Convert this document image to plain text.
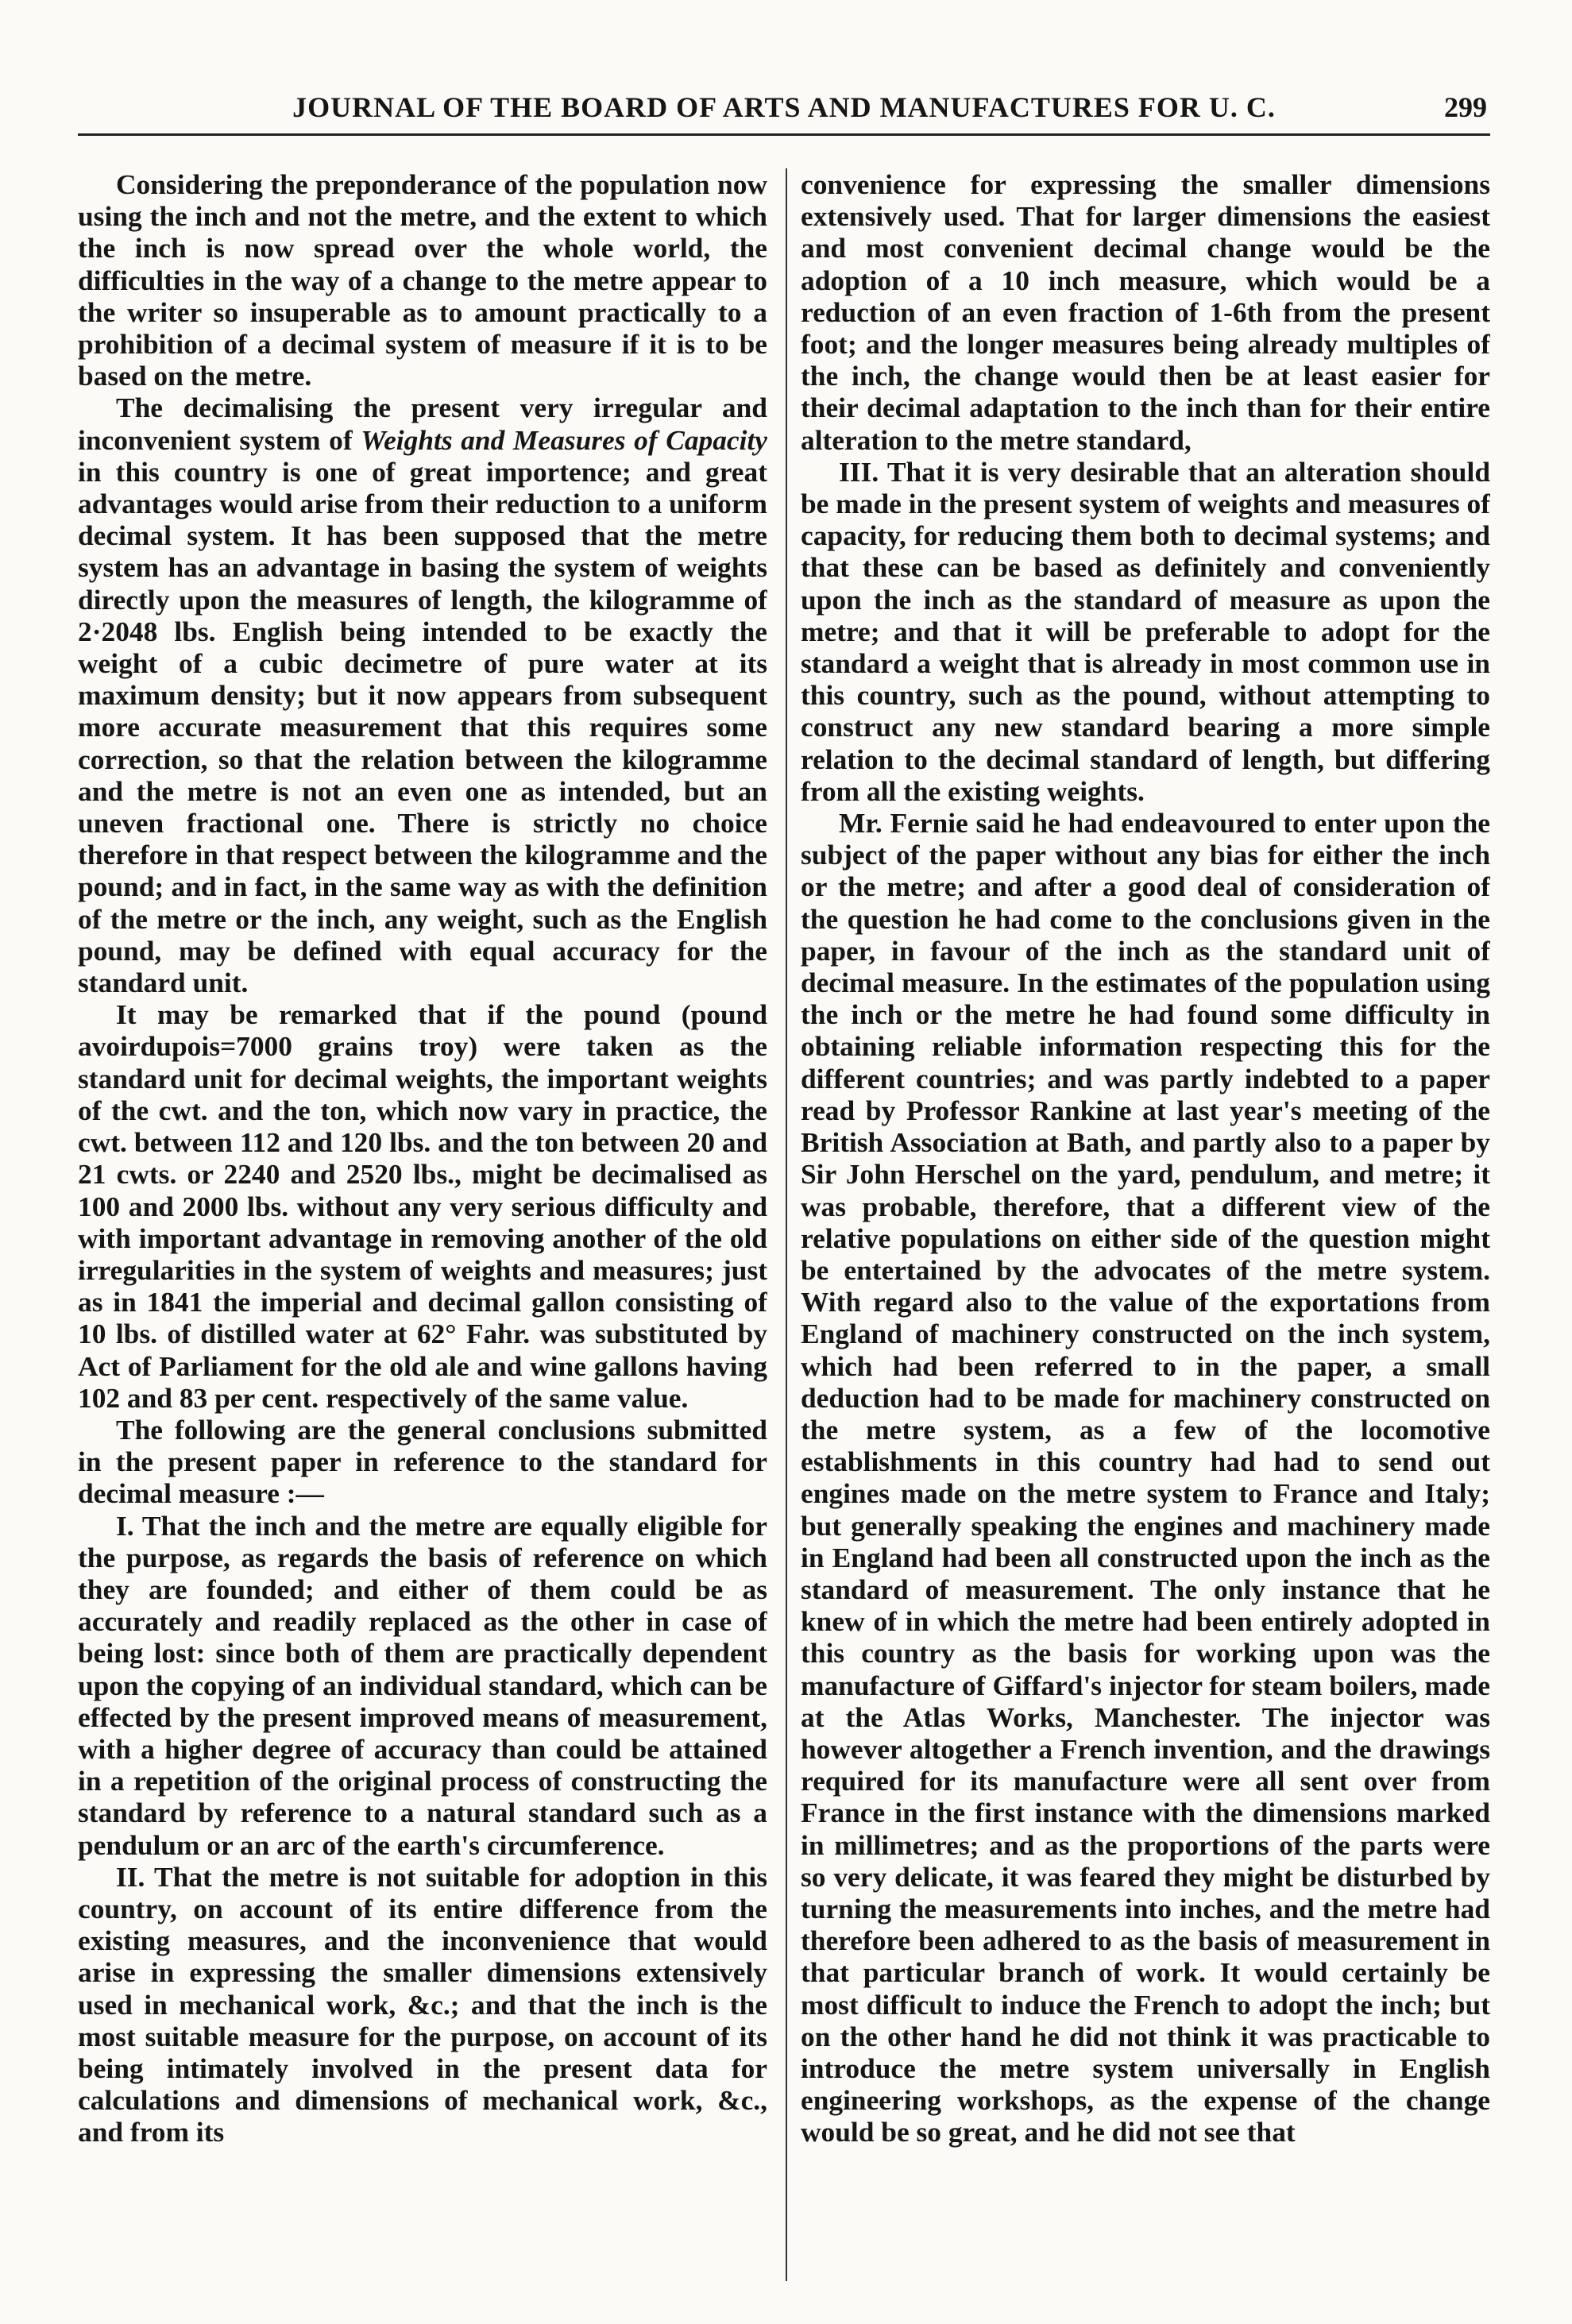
JOURNAL OF THE BOARD OF ARTS AND MANUFACTURES FOR U. C.	299

Considering the preponderance of the population now using the inch and not the metre, and the extent to which the inch is now spread over the whole world, the difficulties in the way of a change to the metre appear to the writer so insuperable as to amount practically to a prohibition of a decimal system of measure if it is to be based on the metre.

The decimalising the present very irregular and inconvenient system of Weights and Measures of Capacity in this country is one of great importence; and great advantages would arise from their reduction to a uniform decimal system. It has been supposed that the metre system has an advantage in basing the system of weights directly upon the measures of length, the kilogramme of 2·2048 lbs. English being intended to be exactly the weight of a cubic decimetre of pure water at its maximum density; but it now appears from subsequent more accurate measurement that this requires some correction, so that the relation between the kilogramme and the metre is not an even one as intended, but an uneven fractional one. There is strictly no choice therefore in that respect between the kilogramme and the pound; and in fact, in the same way as with the definition of the metre or the inch, any weight, such as the English pound, may be defined with equal accuracy for the standard unit.

It may be remarked that if the pound (pound avoirdupois=7000 grains troy) were taken as the standard unit for decimal weights, the important weights of the cwt. and the ton, which now vary in practice, the cwt. between 112 and 120 lbs. and the ton between 20 and 21 cwts. or 2240 and 2520 lbs., might be decimalised as 100 and 2000 lbs. without any very serious difficulty and with important advantage in removing another of the old irregularities in the system of weights and measures; just as in 1841 the imperial and decimal gallon consisting of 10 lbs. of distilled water at 62° Fahr. was substituted by Act of Parliament for the old ale and wine gallons having 102 and 83 per cent. respectively of the same value.

The following are the general conclusions submitted in the present paper in reference to the standard for decimal measure :—

I. That the inch and the metre are equally eligible for the purpose, as regards the basis of reference on which they are founded; and either of them could be as accurately and readily replaced as the other in case of being lost: since both of them are practically dependent upon the copying of an individual standard, which can be effected by the present improved means of measurement, with a higher degree of accuracy than could be attained in a repetition of the original process of constructing the standard by reference to a natural standard such as a pendulum or an arc of the earth's circumference.

II. That the metre is not suitable for adoption in this country, on account of its entire difference from the existing measures, and the inconvenience that would arise in expressing the smaller dimensions extensively used in mechanical work, &c.; and that the inch is the most suitable measure for the purpose, on account of its being intimately involved in the present data for calculations and dimensions of mechanical work, &c., and from its

convenience for expressing the smaller dimensions extensively used. That for larger dimensions the easiest and most convenient decimal change would be the adoption of a 10 inch measure, which would be a reduction of an even fraction of 1-6th from the present foot; and the longer measures being already multiples of the inch, the change would then be at least easier for their decimal adaptation to the inch than for their entire alteration to the metre standard,

III. That it is very desirable that an alteration should be made in the present system of weights and measures of capacity, for reducing them both to decimal systems; and that these can be based as definitely and conveniently upon the inch as the standard of measure as upon the metre; and that it will be preferable to adopt for the standard a weight that is already in most common use in this country, such as the pound, without attempting to construct any new standard bearing a more simple relation to the decimal standard of length, but differing from all the existing weights.

Mr. Fernie said he had endeavoured to enter upon the subject of the paper without any bias for either the inch or the metre; and after a good deal of consideration of the question he had come to the conclusions given in the paper, in favour of the inch as the standard unit of decimal measure. In the estimates of the population using the inch or the metre he had found some difficulty in obtaining reliable information respecting this for the different countries; and was partly indebted to a paper read by Professor Rankine at last year's meeting of the British Association at Bath, and partly also to a paper by Sir John Herschel on the yard, pendulum, and metre; it was probable, therefore, that a different view of the relative populations on either side of the question might be entertained by the advocates of the metre system. With regard also to the value of the exportations from England of machinery constructed on the inch system, which had been referred to in the paper, a small deduction had to be made for machinery constructed on the metre system, as a few of the locomotive establishments in this country had had to send out engines made on the metre system to France and Italy; but generally speaking the engines and machinery made in England had been all constructed upon the inch as the standard of measurement. The only instance that he knew of in which the metre had been entirely adopted in this country as the basis for working upon was the manufacture of Giffard's injector for steam boilers, made at the Atlas Works, Manchester. The injector was however altogether a French invention, and the drawings required for its manufacture were all sent over from France in the first instance with the dimensions marked in millimetres; and as the proportions of the parts were so very delicate, it was feared they might be disturbed by turning the measurements into inches, and the metre had therefore been adhered to as the basis of measurement in that particular branch of work. It would certainly be most difficult to induce the French to adopt the inch; but on the other hand he did not think it was practicable to introduce the metre system universally in English engineering workshops, as the expense of the change would be so great, and he did not see that
